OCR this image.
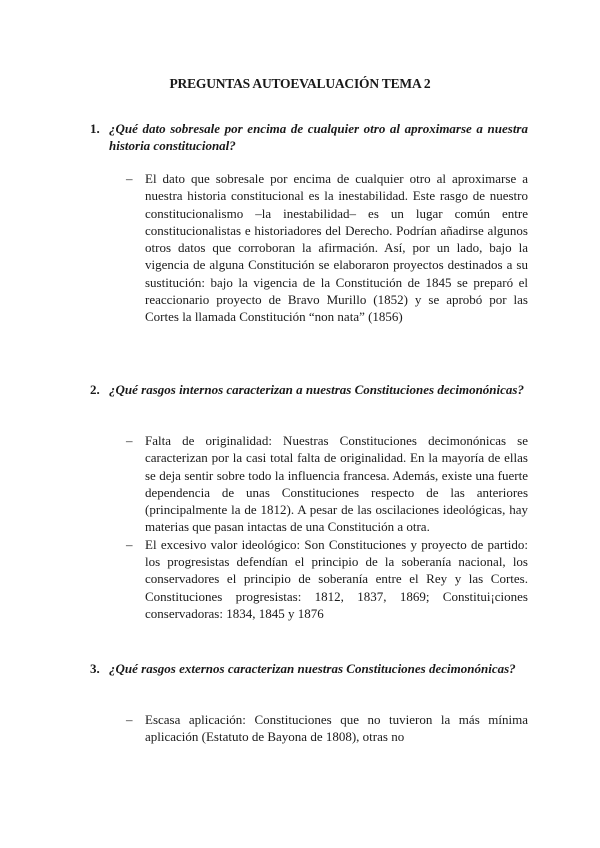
PREGUNTAS AUTOEVALUACIÓN TEMA 2
1. ¿Qué dato sobresale por encima de cualquier otro al aproximarse a nuestra historia constitucional?
– El dato que sobresale por encima de cualquier otro al aproximarse a nuestra historia constitucional es la inestabilidad. Este rasgo de nuestro constitucionalismo –la inestabilidad– es un lugar común entre constitucionalistas e historiadores del Derecho. Podrían añadirse algunos otros datos que corroboran la afirmación. Así, por un lado, bajo la vigencia de alguna Constitución se elaboraron proyectos destinados a su sustitución: bajo la vigencia de la Constitución de 1845 se preparó el reaccionario proyecto de Bravo Murillo (1852) y se aprobó por las Cortes la llamada Constitución “non nata” (1856)
2. ¿Qué rasgos internos caracterizan a nuestras Constituciones decimonónicas?
– Falta de originalidad: Nuestras Constituciones decimonónicas se caracterizan por la casi total falta de originalidad. En la mayoría de ellas se deja sentir sobre todo la influencia francesa. Además, existe una fuerte dependencia de unas Constituciones respecto de las anteriores (principalmente la de 1812). A pesar de las oscilaciones ideológicas, hay materias que pasan intactas de una Constitución a otra.
– El excesivo valor ideológico: Son Constituciones y proyecto de partido: los progresistas defendían el principio de la soberanía nacional, los conservadores el principio de soberanía entre el Rey y las Cortes. Constituciones progresistas: 1812, 1837, 1869; Constitui¡ciones conservadoras: 1834, 1845 y 1876
3. ¿Qué rasgos externos caracterizan nuestras Constituciones decimonónicas?
– Escasa aplicación: Constituciones que no tuvieron la más mínima aplicación (Estatuto de Bayona de 1808), otras no
